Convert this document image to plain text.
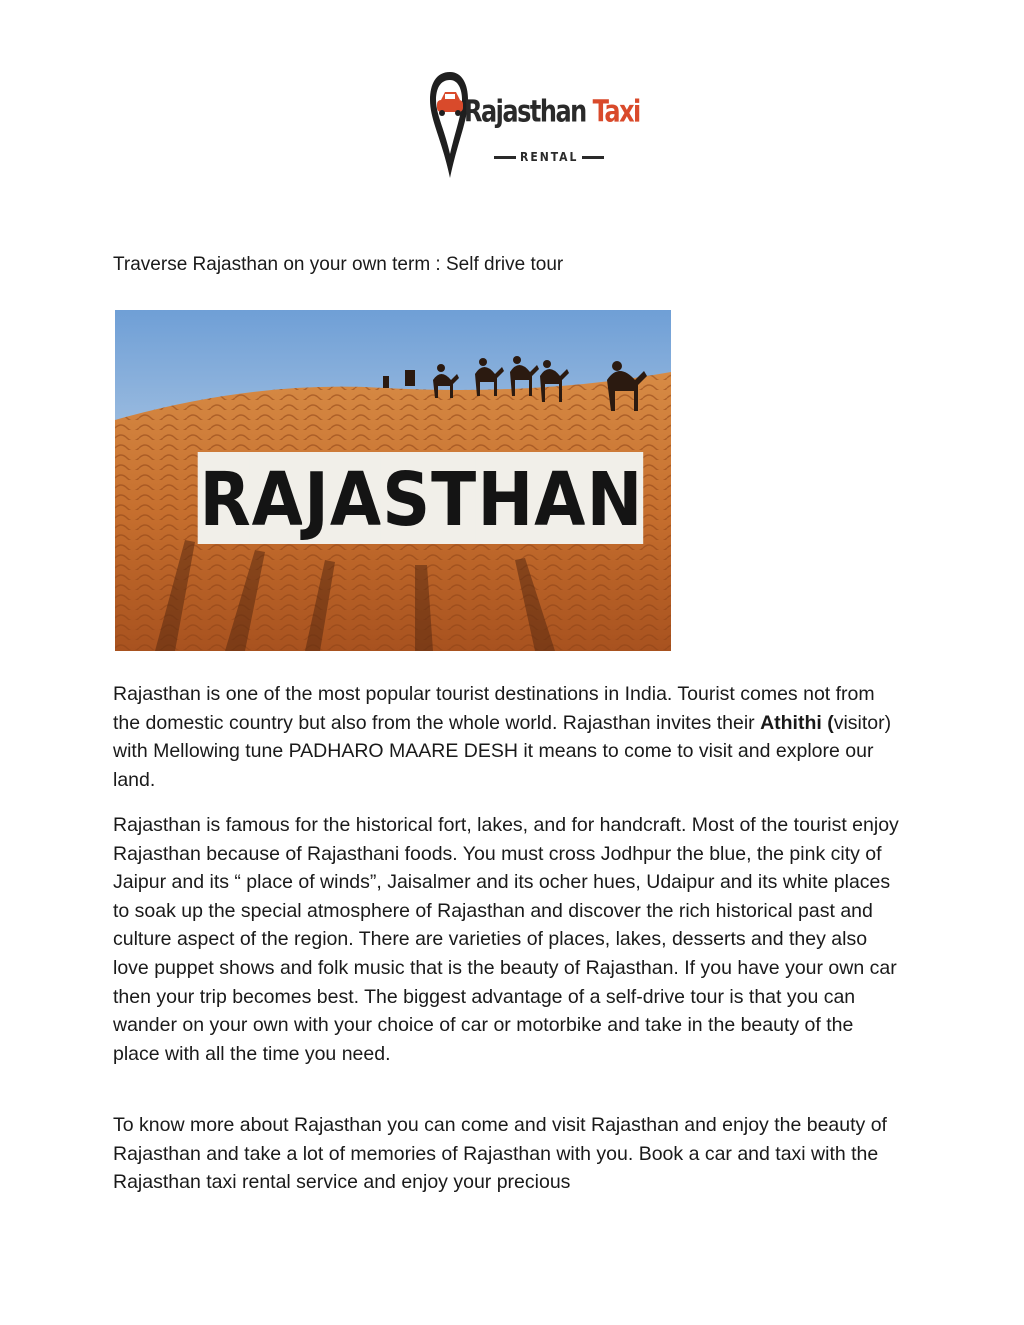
Rajasthan Taxi
RENTAL
Traverse Rajasthan on your own term : Self drive tour
RAJASTHAN

Rajasthan is one of the most popular tourist destinations in India. Tourist comes not from the domestic country but also from the whole world. Rajasthan invites their Athithi (visitor) with Mellowing tune PADHARO MAARE DESH it means to come to visit and explore our land.

Rajasthan is famous for the historical fort, lakes, and for handcraft. Most of the tourist enjoy Rajasthan because of Rajasthani foods. You must cross Jodhpur the blue, the pink city of Jaipur and its “ place of winds”, Jaisalmer and its ocher hues, Udaipur and its white places to soak up the special atmosphere of Rajasthan and discover the rich historical past and culture aspect of the region. There are varieties of places, lakes, desserts and they also love puppet shows and folk music that is the beauty of Rajasthan. If you have your own car then your trip becomes best. The biggest advantage of a self-drive tour is that you can wander on your own with your choice of car or motorbike and take in the beauty of the place with all the time you need.

To know more about Rajasthan you can come and visit Rajasthan and enjoy the beauty of Rajasthan and take a lot of memories of Rajasthan with you. Book a car and taxi with the Rajasthan taxi rental service and enjoy your precious
